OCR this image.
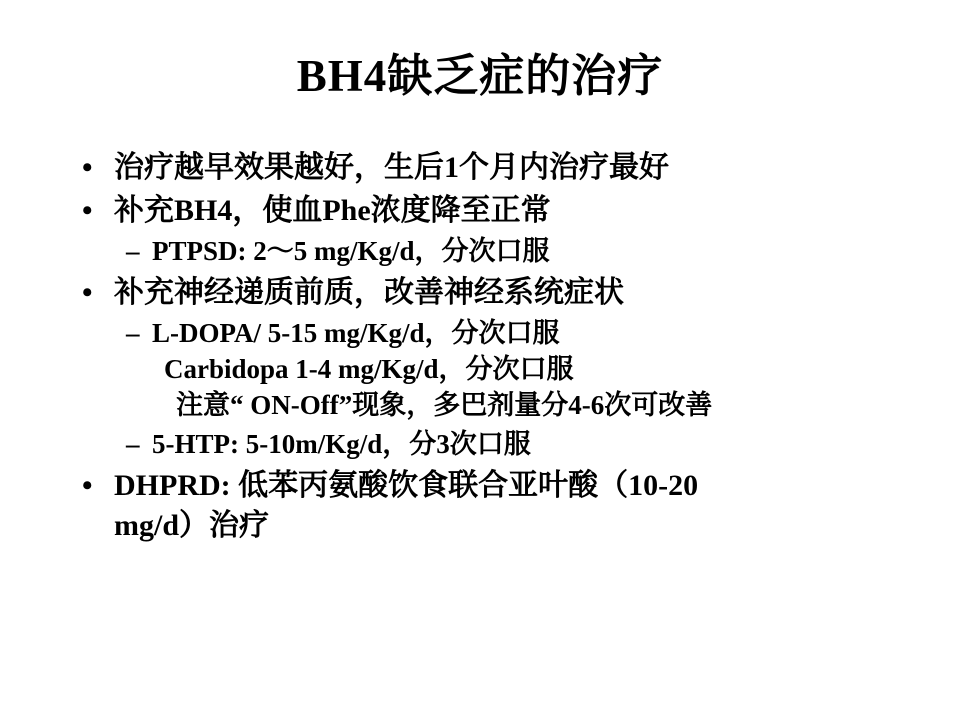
BH4缺乏症的治疗
• 治疗越早效果越好，生后1个月内治疗最好
• 补充BH4，使血Phe浓度降至正常
– PTPSD: 2～5 mg/Kg/d，分次口服
• 补充神经递质前质，改善神经系统症状
– L-DOPA/ 5-15 mg/Kg/d，分次口服
Carbidopa 1-4 mg/Kg/d，分次口服
注意“ ON-Off”现象，多巴剂量分4-6次可改善
– 5-HTP: 5-10m/Kg/d，分3次口服
• DHPRD: 低苯丙氨酸饮食联合亚叶酸（10-20
mg/d）治疗
